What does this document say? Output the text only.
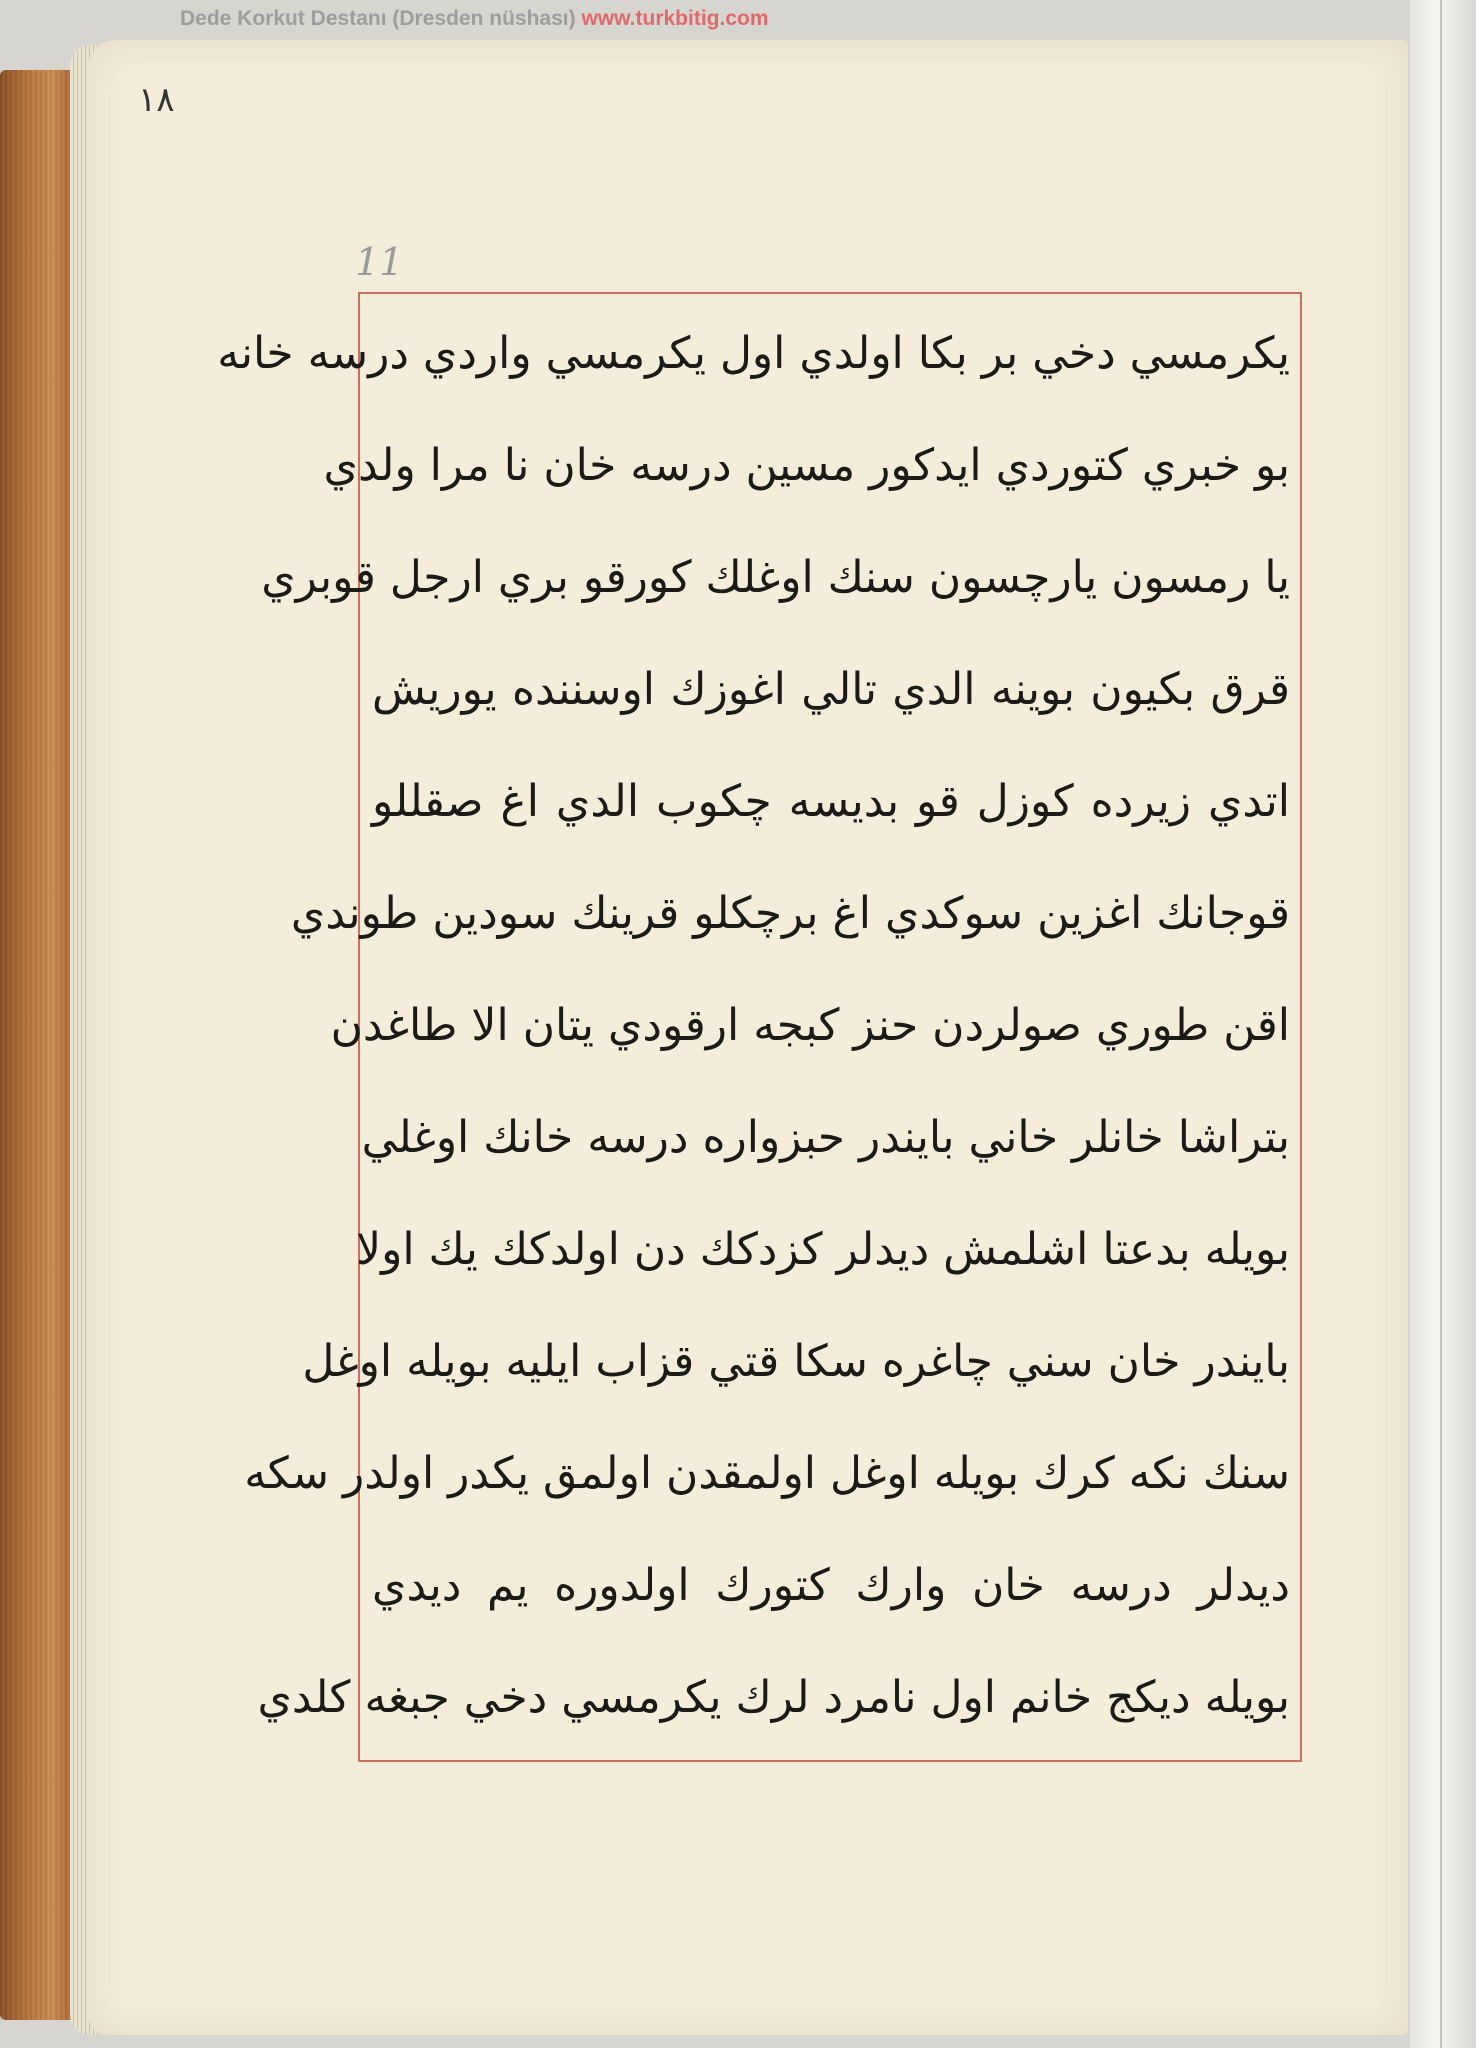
Dede Korkut Destanı (Dresden nüshası) www.turkbitig.com
١٨
11
يكرمسي دخي بر بكا اولدي اول يكرمسي واردي درسه خانه
بو خبري كتوردي ايدكور مسين درسه خان نا مرا ولدي
يا رمسون يارچسون سنك اوغلك كورقو بري ارجل قوبري
قرق بكيون بوينه الدي تالي اغوزك اوسننده يوريش
اتدي زيرده كوزل قو بديسه چكوب الدي اغ صقللو
قوجانك اغزين سوكدي اغ برچكلو قرينك سودين طوندي
اقن طوري صولردن حنز كبجه ارقودي يتان الا طاغدن
بتراشا خانلر خاني بايندر حبزواره درسه خانك اوغلي
بويله بدعتا اشلمش ديدلر كزدكك دن اولدكك يك اولا
بايندر خان سني چاغره سكا قتي قزاب ايليه بويله اوغل
سنك نكه كرك بويله اوغل اولمقدن اولمق يكدر اولدر سكه
ديدلر درسه خان وارك كتورك اولدوره يم ديدي
بويله ديكج خانم اول نامرد لرك يكرمسي دخي جبغه كلدي
